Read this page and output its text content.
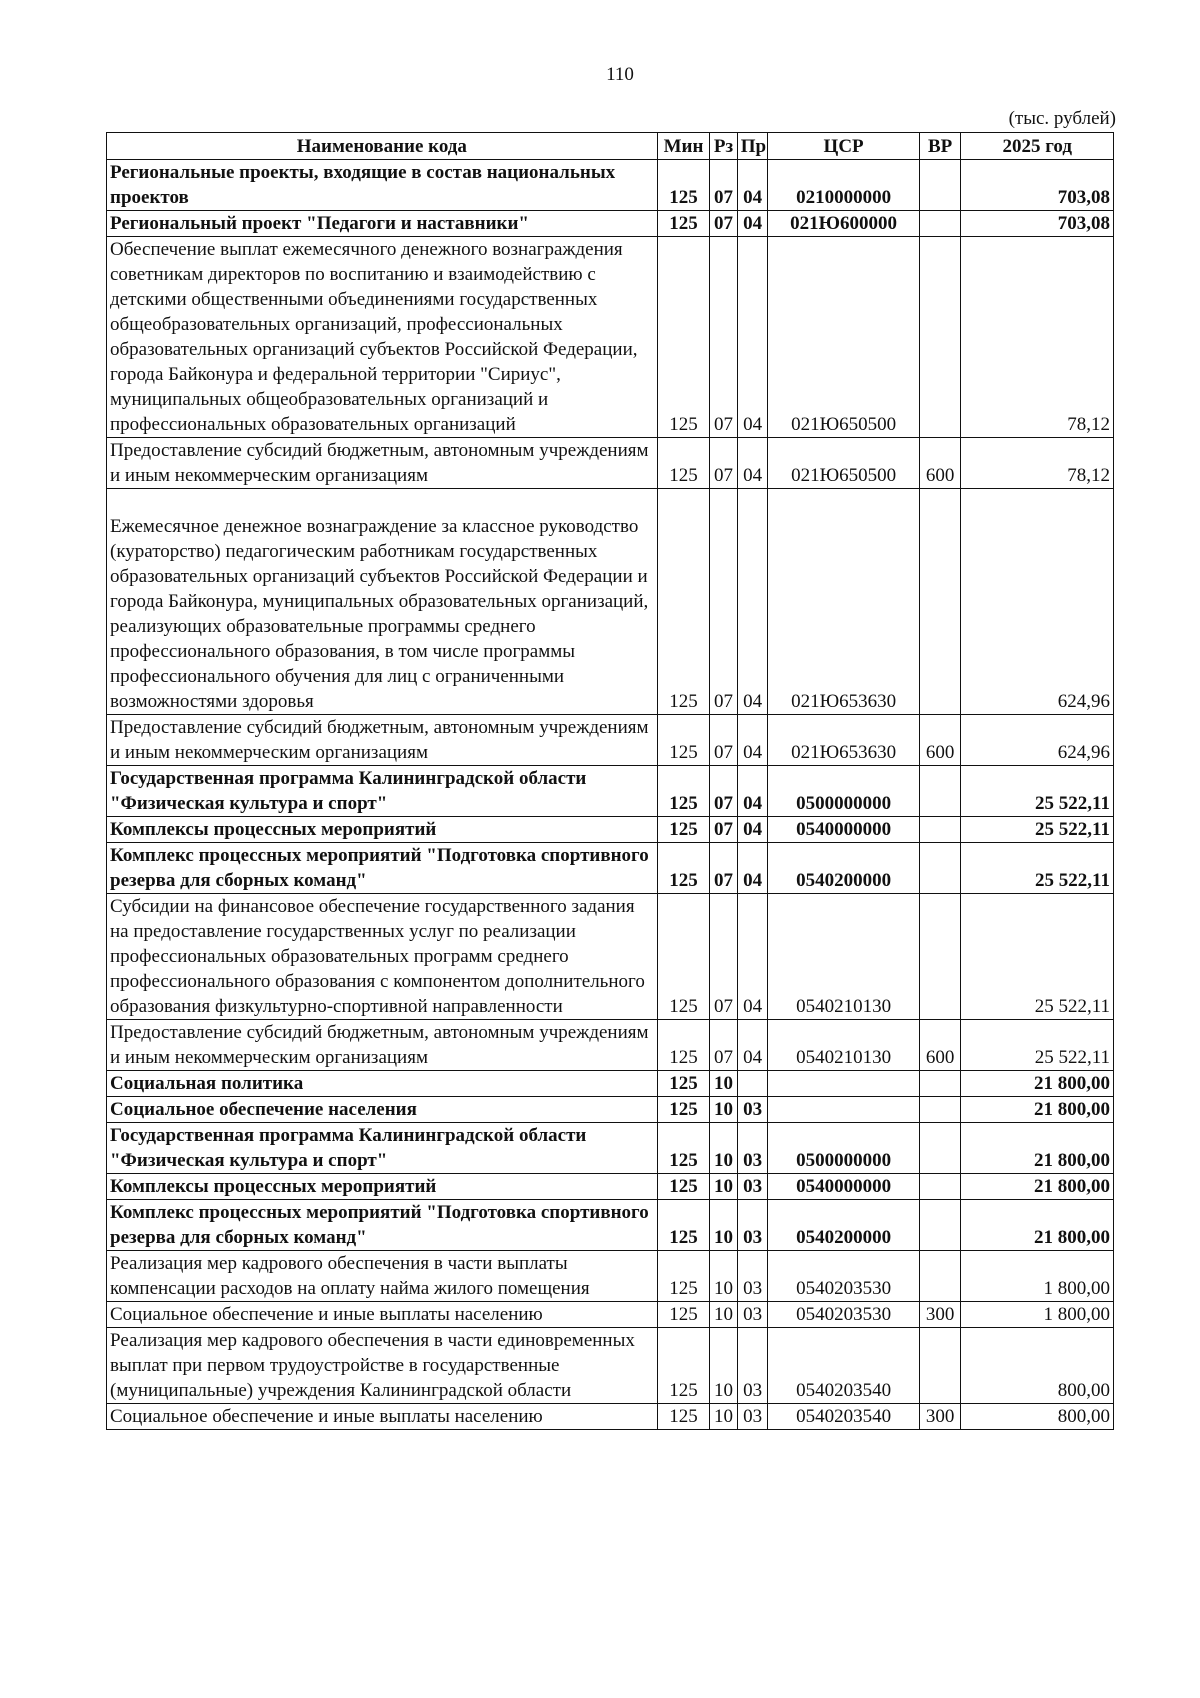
110
(тыс. рублей)
Наименование кода	Мин	Рз	Пр	ЦСР	ВР	2025 год
Региональные проекты, входящие в состав национальных проектов	125	07	04	0210000000		703,08
Региональный проект "Педагоги и наставники"	125	07	04	021Ю600000		703,08
Обеспечение выплат ежемесячного денежного вознаграждения советникам директоров по воспитанию и взаимодействию с детскими общественными объединениями государственных общеобразовательных организаций, профессиональных образовательных организаций субъектов Российской Федерации, города Байконура и федеральной территории "Сириус", муниципальных общеобразовательных организаций и профессиональных образовательных организаций	125	07	04	021Ю650500		78,12
Предоставление субсидий бюджетным, автономным учреждениям и иным некоммерческим организациям	125	07	04	021Ю650500	600	78,12

Ежемесячное денежное вознаграждение за классное руководство (кураторство) педагогическим работникам государственных образовательных организаций субъектов Российской Федерации и города Байконура, муниципальных образовательных организаций, реализующих образовательные программы среднего профессионального образования, в том числе программы профессионального обучения для лиц с ограниченными возможностями здоровья	125	07	04	021Ю653630		624,96
Предоставление субсидий бюджетным, автономным учреждениям и иным некоммерческим организациям	125	07	04	021Ю653630	600	624,96
Государственная программа Калининградской области "Физическая культура и спорт"	125	07	04	0500000000		25 522,11
Комплексы процессных мероприятий	125	07	04	0540000000		25 522,11
Комплекс процессных мероприятий "Подготовка спортивного резерва для сборных команд"	125	07	04	0540200000		25 522,11
Субсидии на финансовое обеспечение государственного задания на предоставление государственных услуг по реализации профессиональных образовательных программ среднего профессионального образования с компонентом дополнительного образования физкультурно-спортивной направленности	125	07	04	0540210130		25 522,11
Предоставление субсидий бюджетным, автономным учреждениям и иным некоммерческим организациям	125	07	04	0540210130	600	25 522,11
Социальная политика	125	10				21 800,00
Социальное обеспечение населения	125	10	03			21 800,00
Государственная программа Калининградской области "Физическая культура и спорт"	125	10	03	0500000000		21 800,00
Комплексы процессных мероприятий	125	10	03	0540000000		21 800,00
Комплекс процессных мероприятий "Подготовка спортивного резерва для сборных команд"	125	10	03	0540200000		21 800,00
Реализация мер кадрового обеспечения в части выплаты компенсации расходов на оплату найма жилого помещения	125	10	03	0540203530		1 800,00
Социальное обеспечение и иные выплаты населению	125	10	03	0540203530	300	1 800,00
Реализация мер кадрового обеспечения в части единовременных выплат при первом трудоустройстве в государственные (муниципальные) учреждения Калининградской области	125	10	03	0540203540		800,00
Социальное обеспечение и иные выплаты населению	125	10	03	0540203540	300	800,00
